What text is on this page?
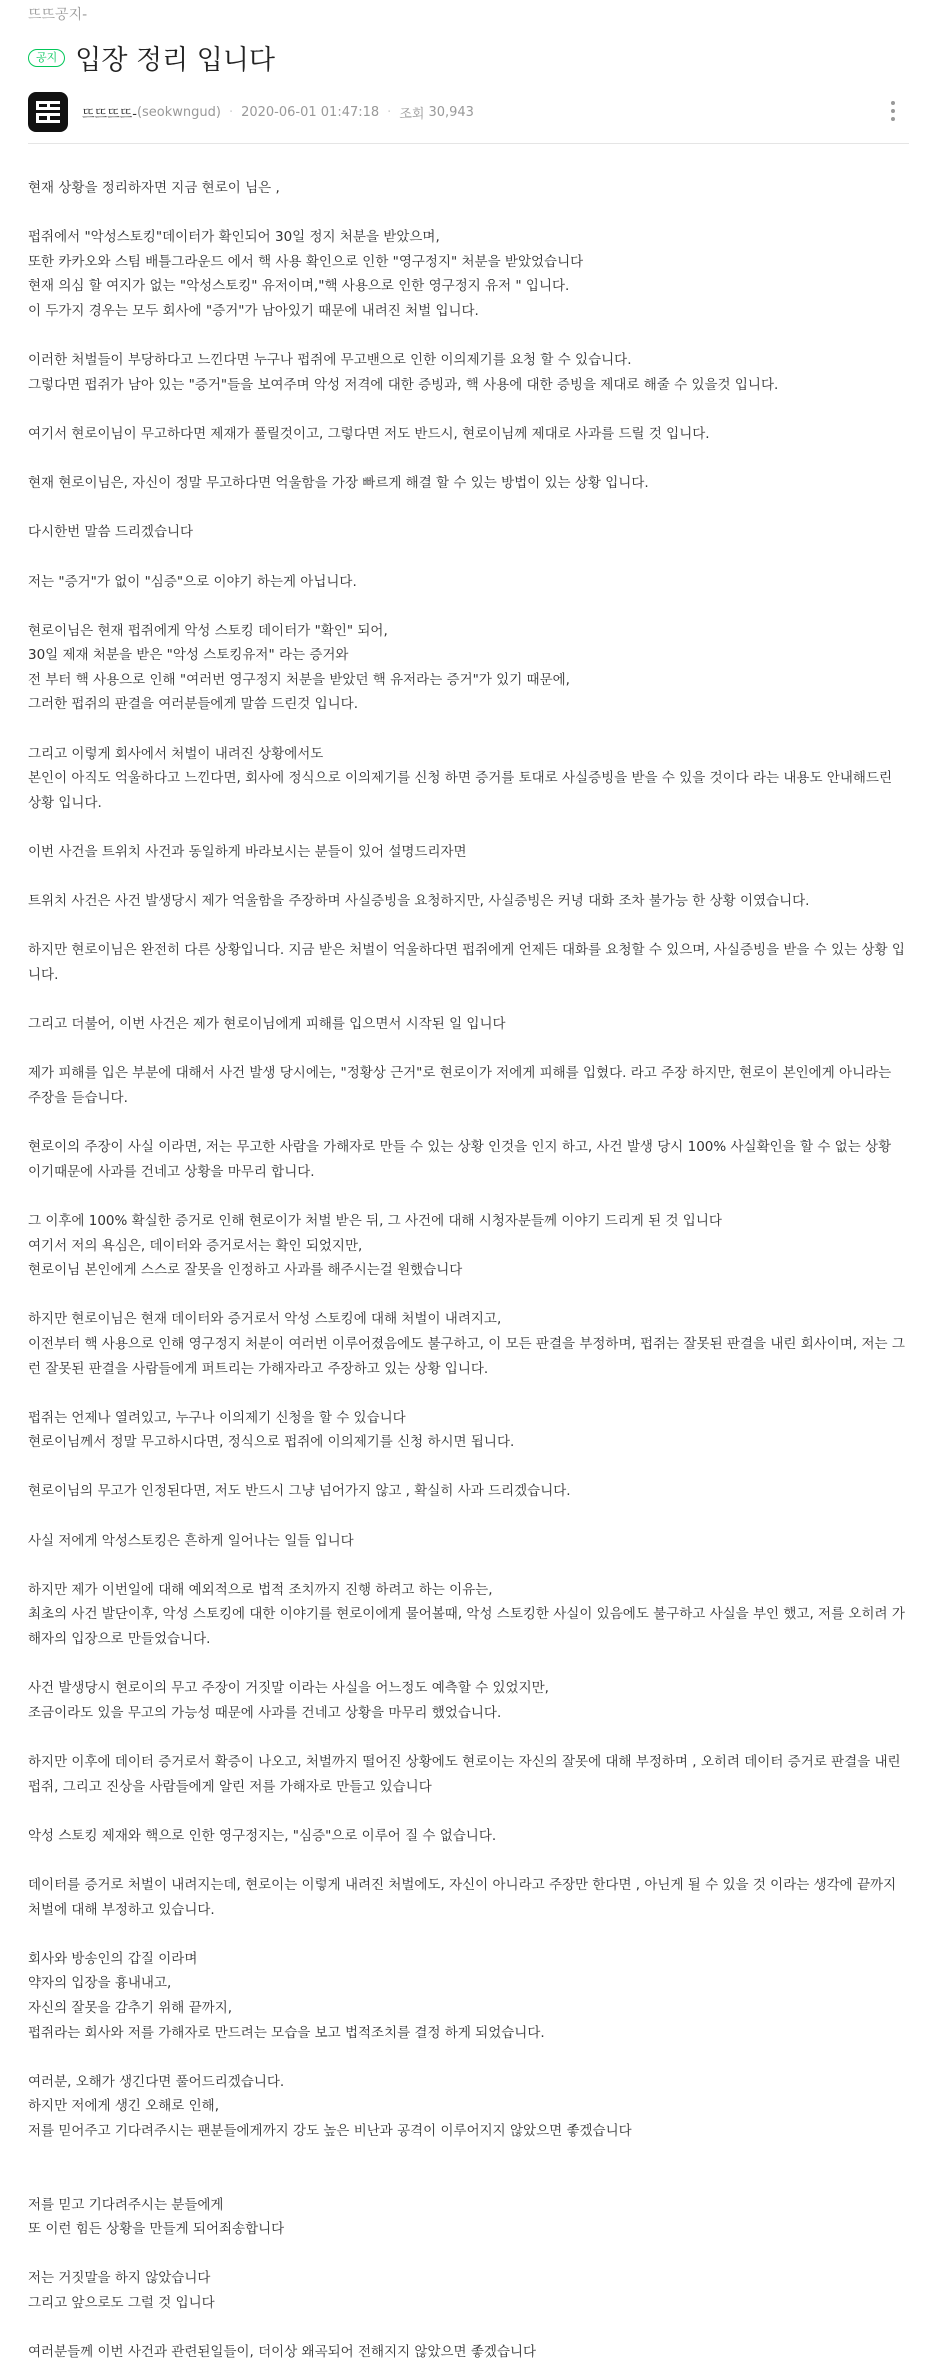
뜨뜨공지-
공지 입장 정리 입니다
뜨뜨뜨뜨- (seokwngud) · 2020-06-01 01:47:18 · 조회 30,943

현재 상황을 정리하자면 지금 현로이 님은 ,

펍쥐에서 "악성스토킹"데이터가 확인되어 30일 정지 처분을 받았으며,

또한 카카오와 스팀 배틀그라운드 에서 핵 사용 확인으로 인한 "영구정지" 처분을 받았었습니다

현재 의심 할 여지가 없는 "악성스토킹" 유저이며,"핵 사용으로 인한 영구정지 유저 " 입니다.

이 두가지 경우는 모두 회사에 "증거"가 남아있기 때문에 내려진 처벌 입니다.

이러한 처벌들이 부당하다고 느낀다면 누구나 펍쥐에 무고밴으로 인한 이의제기를 요청 할 수 있습니다.

그렇다면 펍쥐가 남아 있는 "증거"들을 보여주며 악성 저격에 대한 증빙과, 핵 사용에 대한 증빙을 제대로 해줄 수 있을것 입니다.

여기서 현로이님이 무고하다면 제재가 풀릴것이고, 그렇다면 저도 반드시, 현로이님께 제대로 사과를 드릴 것 입니다.

현재 현로이님은, 자신이 정말 무고하다면 억울함을 가장 빠르게 해결 할 수 있는 방법이 있는 상황 입니다.

다시한번 말씀 드리겠습니다

저는 "증거"가 없이 "심증"으로 이야기 하는게 아닙니다.

현로이님은 현재 펍쥐에게 악성 스토킹 데이터가 "확인" 되어,

30일 제재 처분을 받은 "악성 스토킹유저" 라는 증거와

전 부터 핵 사용으로 인해 "여러번 영구정지 처분을 받았던 핵 유저라는 증거"가 있기 때문에,

그러한 펍쥐의 판결을 여러분들에게 말씀 드린것 입니다.

그리고 이렇게 회사에서 처벌이 내려진 상황에서도

본인이 아직도 억울하다고 느낀다면, 회사에 정식으로 이의제기를 신청 하면 증거를 토대로 사실증빙을 받을 수 있을 것이다 라는 내용도 안내해드린 상황 입니다.

이번 사건을 트위치 사건과 동일하게 바라보시는 분들이 있어 설명드리자면

트위치 사건은 사건 발생당시 제가 억울함을 주장하며 사실증빙을 요청하지만, 사실증빙은 커녕 대화 조차 불가능 한 상황 이였습니다.

하지만 현로이님은 완전히 다른 상황입니다. 지금 받은 처벌이 억울하다면 펍쥐에게 언제든 대화를 요청할 수 있으며, 사실증빙을 받을 수 있는 상황 입니다.

그리고 더불어, 이번 사건은 제가 현로이님에게 피해를 입으면서 시작된 일 입니다

제가 피해를 입은 부분에 대해서 사건 발생 당시에는, "정황상 근거"로 현로이가 저에게 피해를 입혔다. 라고 주장 하지만, 현로이 본인에게 아니라는 주장을 듣습니다.

현로이의 주장이 사실 이라면, 저는 무고한 사람을 가해자로 만들 수 있는 상황 인것을 인지 하고, 사건 발생 당시 100% 사실확인을 할 수 없는 상황 이기때문에 사과를 건네고 상황을 마무리 합니다.

그 이후에 100% 확실한 증거로 인해 현로이가 처벌 받은 뒤, 그 사건에 대해 시청자분들께 이야기 드리게 된 것 입니다

여기서 저의 욕심은, 데이터와 증거로서는 확인 되었지만,

현로이님 본인에게 스스로 잘못을 인정하고 사과를 해주시는걸 원했습니다

하지만 현로이님은 현재 데이터와 증거로서 악성 스토킹에 대해 처벌이 내려지고,

이전부터 핵 사용으로 인해 영구정지 처분이 여러번 이루어졌음에도 불구하고, 이 모든 판결을 부정하며, 펍쥐는 잘못된 판결을 내린 회사이며, 저는 그런 잘못된 판결을 사람들에게 퍼트리는 가해자라고 주장하고 있는 상황 입니다.

펍쥐는 언제나 열려있고, 누구나 이의제기 신청을 할 수 있습니다

현로이님께서 정말 무고하시다면, 정식으로 펍쥐에 이의제기를 신청 하시면 됩니다.

현로이님의 무고가 인정된다면, 저도 반드시 그냥 넘어가지 않고 , 확실히 사과 드리겠습니다.

사실 저에게 악성스토킹은 흔하게 일어나는 일들 입니다

하지만 제가 이번일에 대해 예외적으로 법적 조치까지 진행 하려고 하는 이유는,

최초의 사건 발단이후, 악성 스토킹에 대한 이야기를 현로이에게 물어볼때, 악성 스토킹한 사실이 있음에도 불구하고 사실을 부인 했고, 저를 오히려 가해자의 입장으로 만들었습니다.

사건 발생당시 현로이의 무고 주장이 거짓말 이라는 사실을 어느정도 예측할 수 있었지만,

조금이라도 있을 무고의 가능성 때문에 사과를 건네고 상황을 마무리 했었습니다.

하지만 이후에 데이터 증거로서 확증이 나오고, 처벌까지 떨어진 상황에도 현로이는 자신의 잘못에 대해 부정하며 , 오히려 데이터 증거로 판결을 내린 펍쥐, 그리고 진상을 사람들에게 알린 저를 가해자로 만들고 있습니다

악성 스토킹 제재와 핵으로 인한 영구정지는, "심증"으로 이루어 질 수 없습니다.

데이터를 증거로 처벌이 내려지는데, 현로이는 이렇게 내려진 처벌에도, 자신이 아니라고 주장만 한다면 , 아닌게 될 수 있을 것 이라는 생각에 끝까지 처벌에 대해 부정하고 있습니다.

회사와 방송인의 갑질 이라며

약자의 입장을 흉내내고,

자신의 잘못을 감추기 위해 끝까지,

펍쥐라는 회사와 저를 가해자로 만드려는 모습을 보고 법적조치를 결정 하게 되었습니다.

여러분, 오해가 생긴다면 풀어드리겠습니다.

하지만 저에게 생긴 오해로 인해,

저를 믿어주고 기다려주시는 팬분들에게까지 강도 높은 비난과 공격이 이루어지지 않았으면 좋겠습니다

저를 믿고 기다려주시는 분들에게

또 이런 힘든 상황을 만들게 되어죄송합니다

저는 거짓말을 하지 않았습니다

그리고 앞으로도 그럴 것 입니다

여러분들께 이번 사건과 관련된일들이, 더이상 왜곡되어 전해지지 않았으면 좋겠습니다
